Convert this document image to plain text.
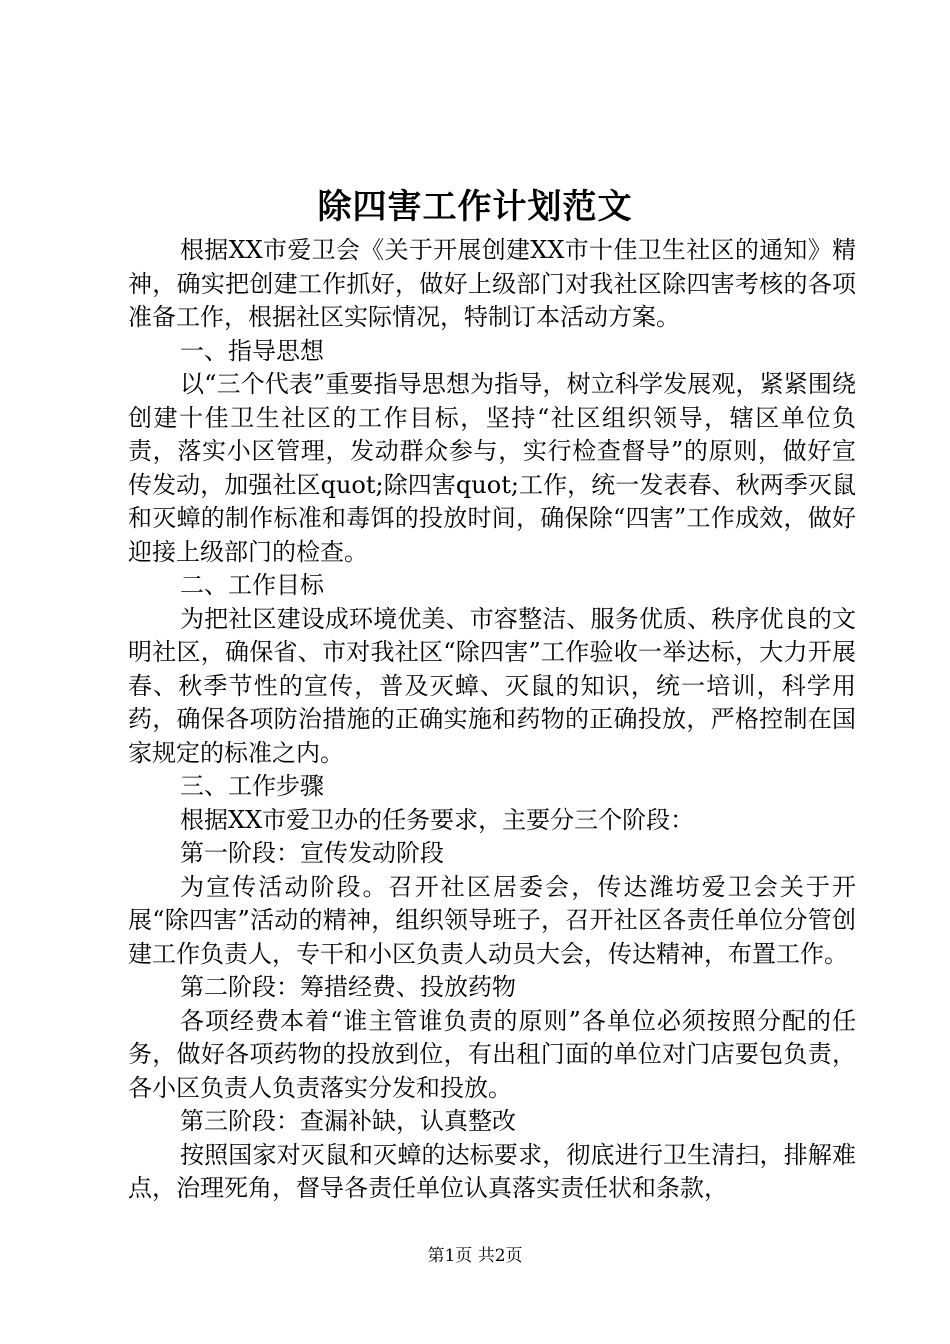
除四害工作计划范文

根据XX市爱卫会《关于开展创建XX市十佳卫生社区的通知》精神，确实把创建工作抓好，做好上级部门对我社区除四害考核的各项准备工作，根据社区实际情况，特制订本活动方案。

一、指导思想

以“三个代表”重要指导思想为指导，树立科学发展观，紧紧围绕创建十佳卫生社区的工作目标，坚持“社区组织领导，辖区单位负责，落实小区管理，发动群众参与，实行检查督导”的原则，做好宣传发动，加强社区quot;除四害quot;工作，统一发表春、秋两季灭鼠和灭蟑的制作标准和毒饵的投放时间，确保除“四害”工作成效，做好迎接上级部门的检查。

二、工作目标

为把社区建设成环境优美、市容整洁、服务优质、秩序优良的文明社区，确保省、市对我社区“除四害”工作验收一举达标，大力开展春、秋季节性的宣传，普及灭蟑、灭鼠的知识，统一培训，科学用药，确保各项防治措施的正确实施和药物的正确投放，严格控制在国家规定的标准之内。

三、工作步骤

根据XX市爱卫办的任务要求，主要分三个阶段：

第一阶段：宣传发动阶段

为宣传活动阶段。召开社区居委会，传达潍坊爱卫会关于开展“除四害”活动的精神，组织领导班子，召开社区各责任单位分管创建工作负责人，专干和小区负责人动员大会，传达精神，布置工作。

第二阶段：筹措经费、投放药物

各项经费本着“谁主管谁负责的原则”各单位必须按照分配的任务，做好各项药物的投放到位，有出租门面的单位对门店要包负责，各小区负责人负责落实分发和投放。

第三阶段：查漏补缺，认真整改

按照国家对灭鼠和灭蟑的达标要求，彻底进行卫生清扫，排解难点，治理死角，督导各责任单位认真落实责任状和条款，

第1页 共2页
